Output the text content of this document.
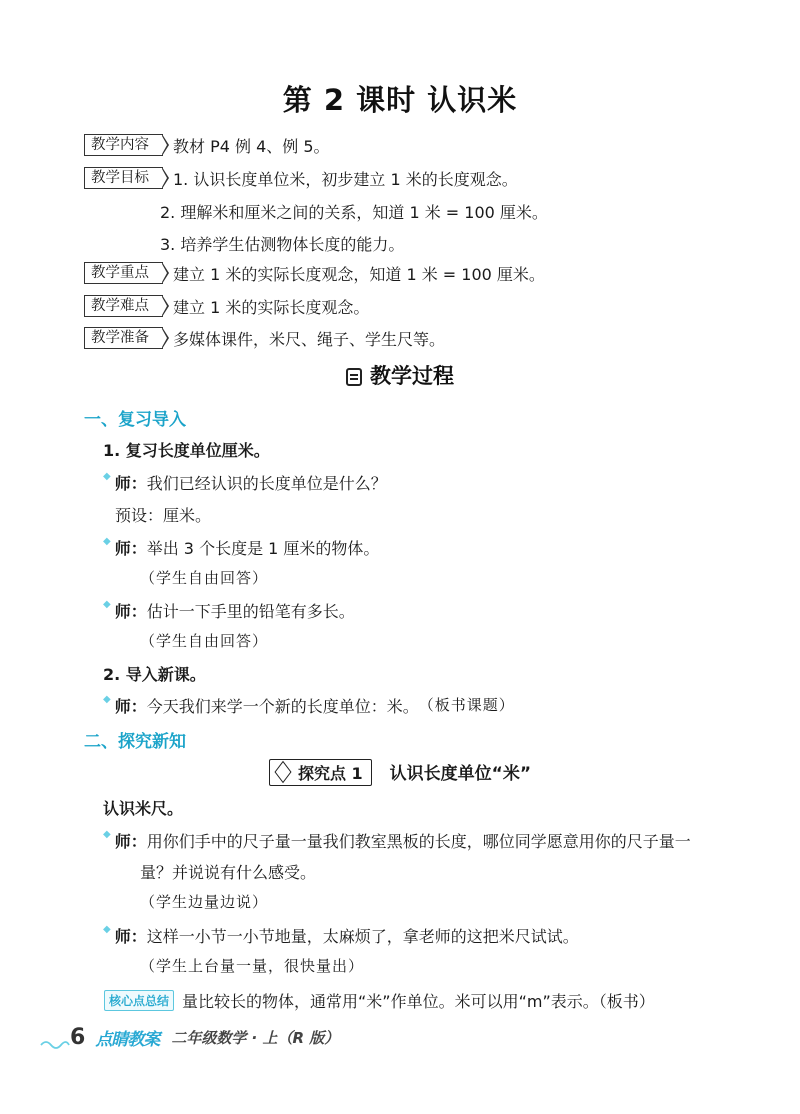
第 2 课时 认识米
教学内容	教材 P4 例 4、例 5。
教学目标	1. 认识长度单位米，初步建立 1 米的长度观念。
2. 理解米和厘米之间的关系，知道 1 米 = 100 厘米。
3. 培养学生估测物体长度的能力。
教学重点	建立 1 米的实际长度观念，知道 1 米 = 100 厘米。
教学难点	建立 1 米的实际长度观念。
教学准备	多媒体课件，米尺、绳子、学生尺等。
教学过程
一、复习导入
1. 复习长度单位厘米。
◆ 师： 我们已经认识的长度单位是什么？
预设：厘米。
◆ 师： 举出 3 个长度是 1 厘米的物体。
（学生自由回答）
◆ 师： 估计一下手里的铅笔有多长。
（学生自由回答）
2. 导入新课。
◆ 师： 今天我们来学一个新的长度单位：米。 （板书课题）
二、探究新知
探究点 1 认识长度单位“米”
认识米尺。
◆ 师： 用你们手中的尺子量一量我们教室黑板的长度，哪位同学愿意用你的尺子量一
量？并说说有什么感受。
（学生边量边说）
◆ 师： 这样一小节一小节地量，太麻烦了，拿老师的这把米尺试试。
（学生上台量一量，很快量出）
核心点总结 量比较长的物体，通常用“米”作单位。米可以用“m”表示。（板书）
6 点睛教案 二年级数学 · 上（R 版）
